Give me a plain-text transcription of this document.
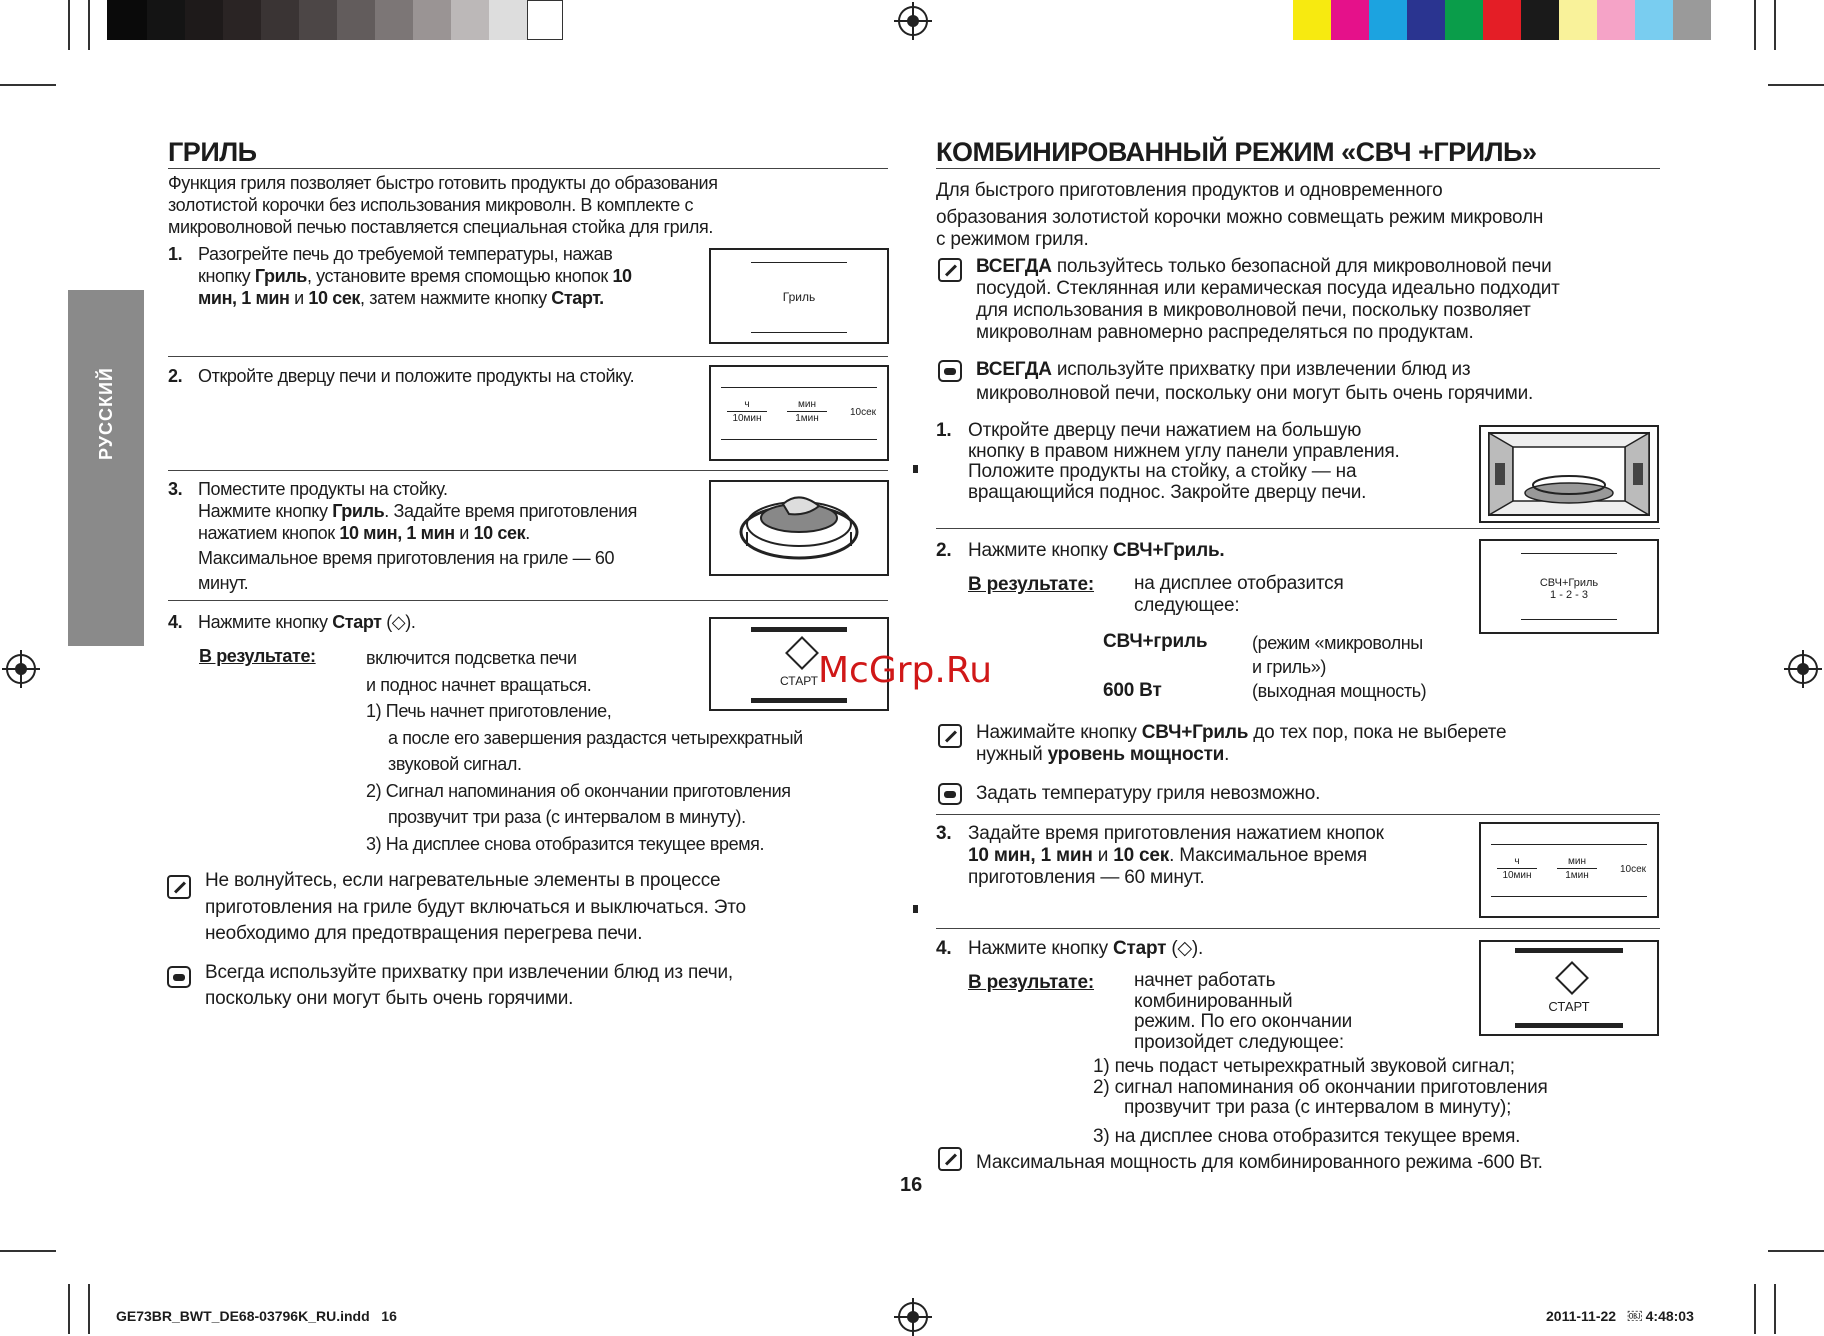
РУССКИЙ
ГРИЛЬ
Функция гриля позволяет быстро готовить продукты до образования
золотистой корочки без использования микроволн. В комплекте с
микроволновой печью поставляется специальная стойка для гриля.
1. Разогрейте печь до требуемой температуры, нажав
кнопку Гриль, установите время спомощью кнопок 10
мин, 1 мин и 10 сек, затем нажмите кнопку Старт.	Гриль
2. Откройте дверцу печи и положите продукты на стойку.
ч
10мин
мин
1мин
10сек
3. Поместите продукты на стойку.
Нажмите кнопку Гриль. Задайте время приготовления
нажатием кнопок 10 мин, 1 мин и 10 сек.
Максимальное время приготовления на гриле — 60
минут.
4. Нажмите кнопку Старт (◇).
СТАРТ
В результате:	включится подсветка печи
и поднос начнет вращаться.
1) Печь начнет приготовление,
а после его завершения раздастся четырехкратный
звуковой сигнал.
2) Сигнал напоминания об окончании приготовления
прозвучит три раза (с интервалом в минуту).
3) На дисплее снова отобразится текущее время.
Не волнуйтесь, если нагревательные элементы в процессе
приготовления на гриле будут включаться и выключаться. Это
необходимо для предотвращения перегрева печи.
Всегда используйте прихватку при извлечении блюд из печи,
поскольку они могут быть очень горячими.
КОМБИНИРОВАННЫЙ РЕЖИМ «СВЧ +ГРИЛЬ»
Для быстрого приготовления продуктов и одновременного
образования золотистой корочки можно совмещать режим микроволн
с режимом гриля.
ВСЕГДА пользуйтесь только безопасной для микроволновой печи
посудой. Стеклянная или керамическая посуда идеально подходит
для использования в микроволновой печи, поскольку позволяет
микроволнам равномерно распределяться по продуктам.
ВСЕГДА используйте прихватку при извлечении блюд из
микроволновой печи, поскольку они могут быть очень горячими.
1. Откройте дверцу печи нажатием на большую
кнопку в правом нижнем углу панели управления.
Положите продукты на стойку, а стойку — на
вращающийся поднос. Закройте дверцу печи.
2. Нажмите кнопку СВЧ+Гриль.
СВЧ+Гриль
1 - 2 - 3
В результате: на дисплее отобразится
следующее:
СВЧ+гриль (режим «микроволны
и гриль»)
600 Вт	(выходная мощность)
Нажимайте кнопку СВЧ+Гриль до тех пор, пока не выберете
нужный уровень мощности.
Задать температуру гриля невозможно.
3. Задайте время приготовления нажатием кнопок
10 мин, 1 мин и 10 сек. Максимальное время
приготовления — 60 минут.
ч
10мин
мин
1мин
10сек
4. Нажмите кнопку Старт (◇).
СТАРТ
В результате: начнет работать
комбинированный
режим. По его окончании
произойдет следующее:
1) печь подаст четырехкратный звуковой сигнал;
2) сигнал напоминания об окончании приготовления
прозвучит три раза (с интервалом в минуту);
3) на дисплее снова отобразится текущее время.
Максимальная мощность для комбинированного режима -600 Вт.
16
McGrp.Ru
GE73BR_BWT_DE68-03796K_RU.indd   16	2011-11-22   ￼ 4:48:03
